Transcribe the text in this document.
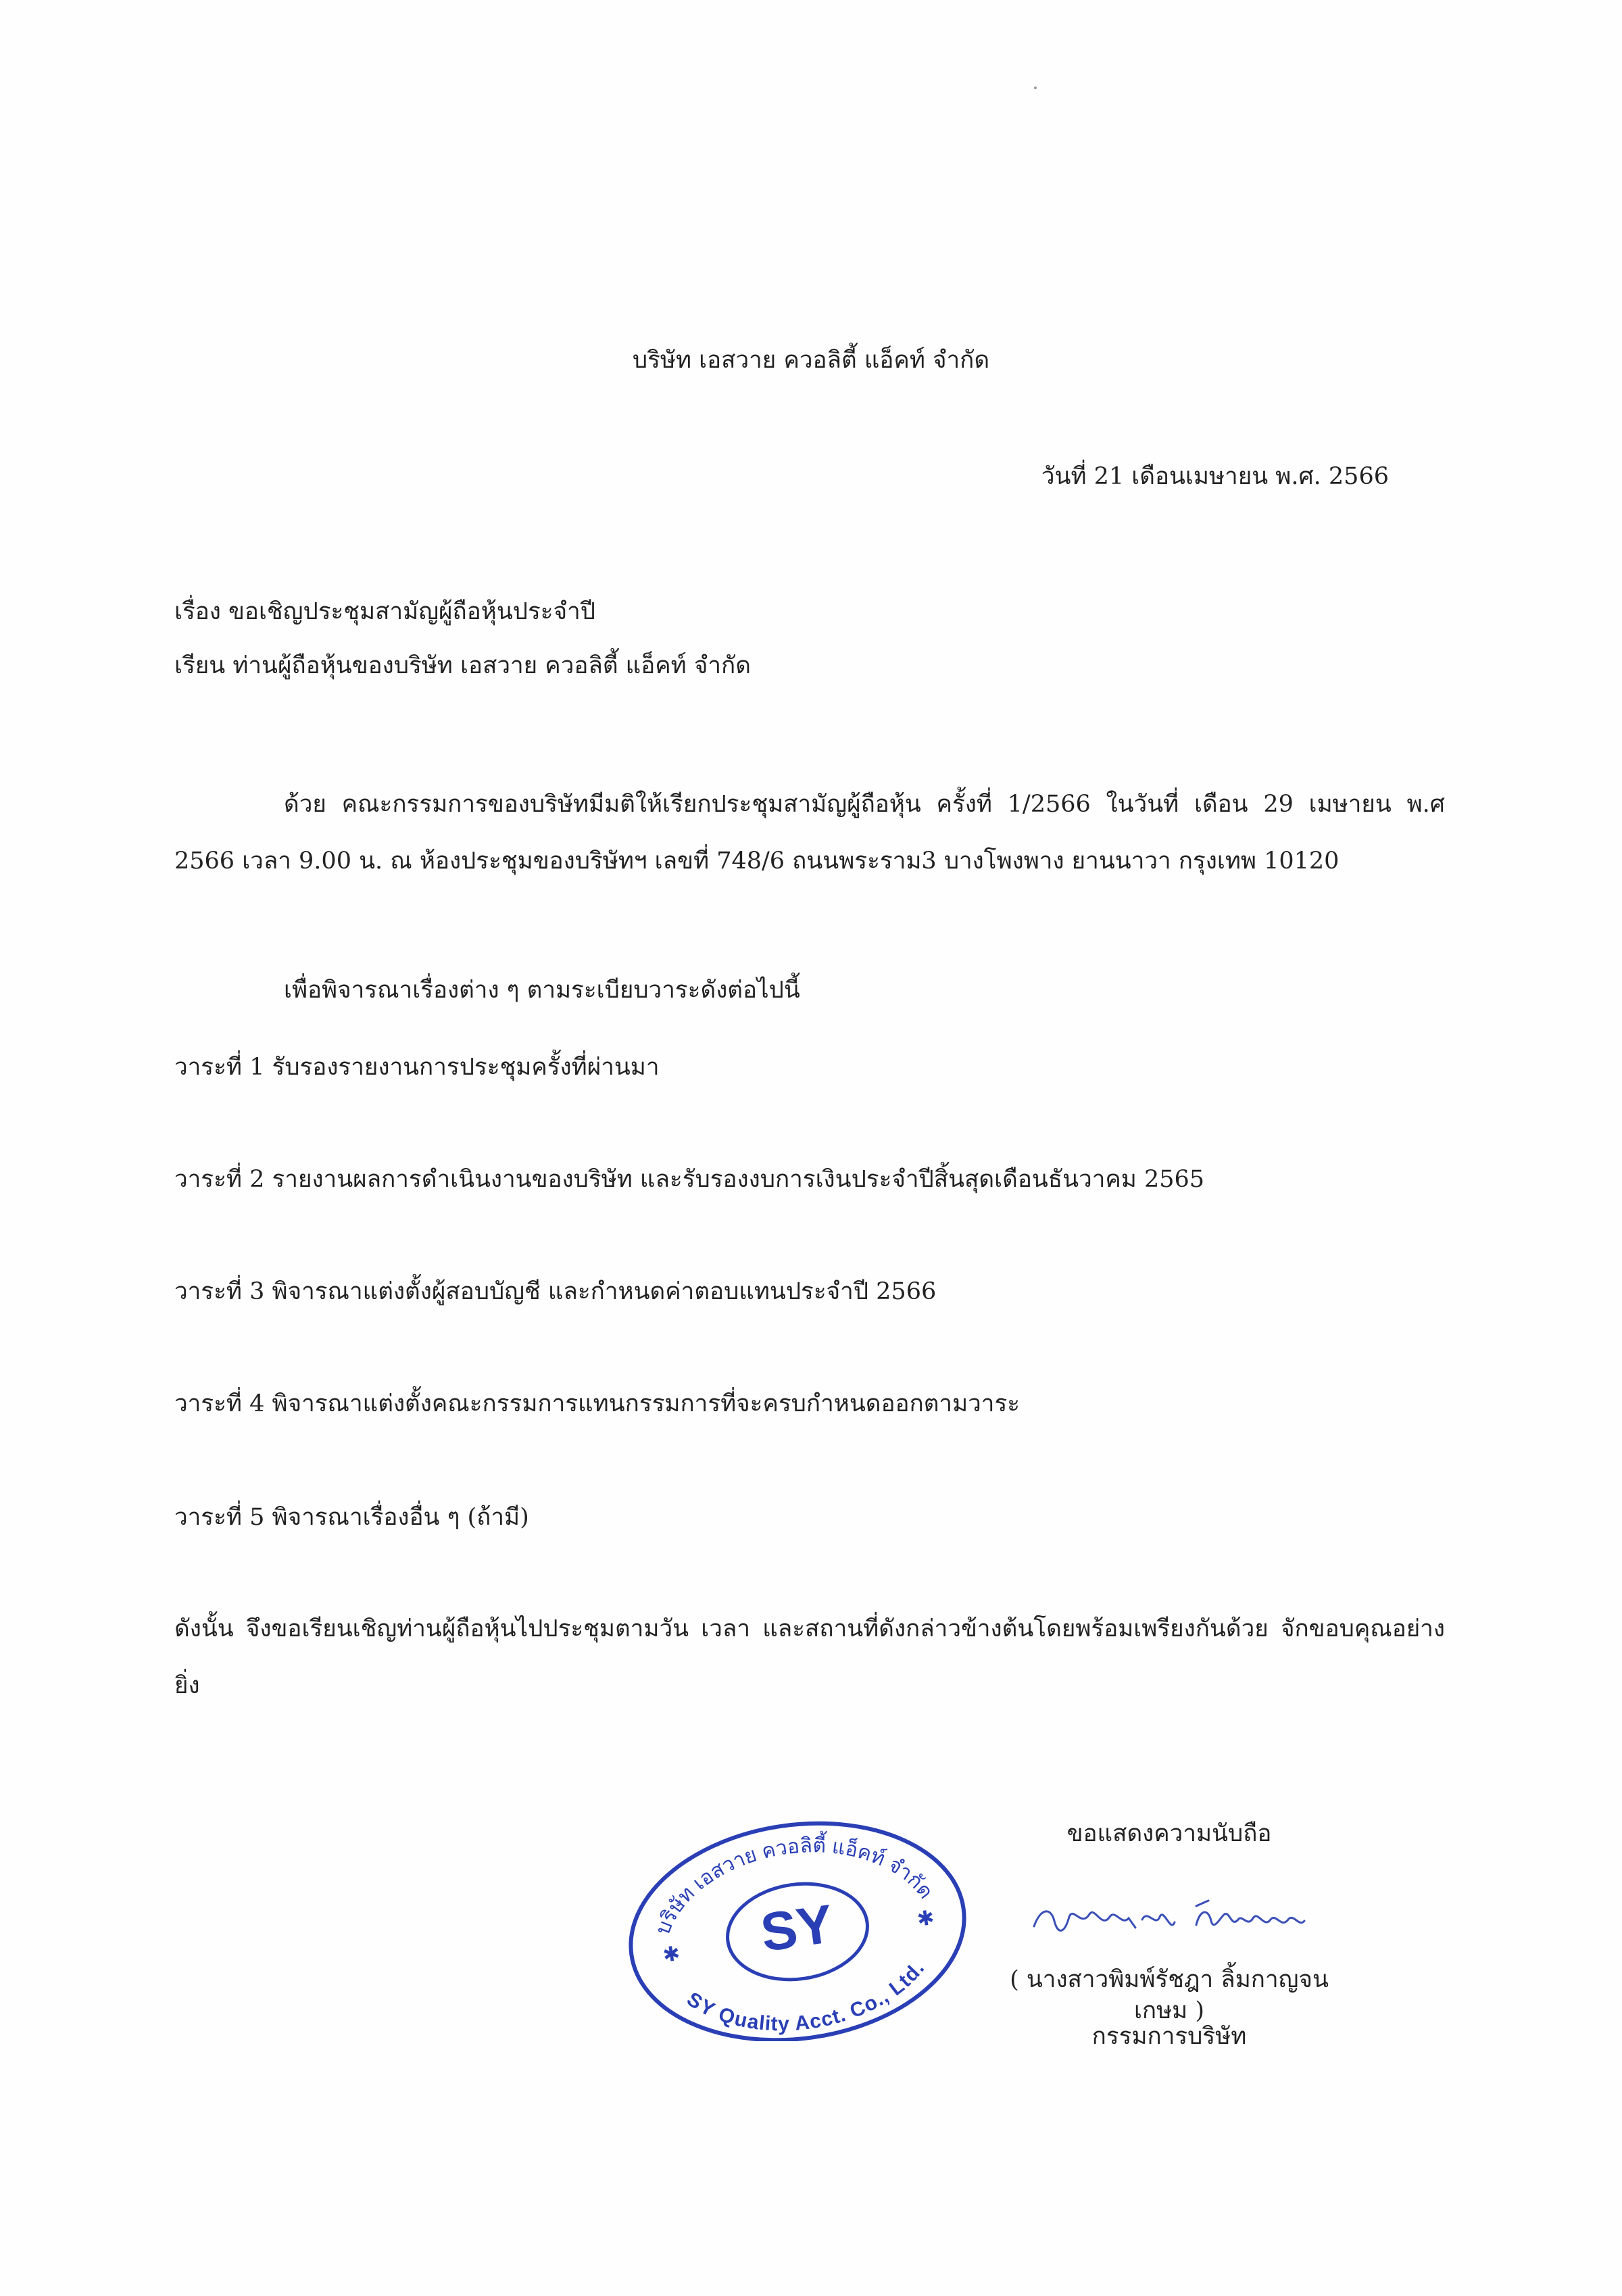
บริษัท เอสวาย ควอลิตี้ แอ็คท์ จำกัด
วันที่ 21 เดือนเมษายน พ.ศ. 2566
เรื่อง ขอเชิญประชุมสามัญผู้ถือหุ้นประจำปี
เรียน ท่านผู้ถือหุ้นของบริษัท เอสวาย ควอลิตี้ แอ็คท์ จำกัด
ด้วย คณะกรรมการของบริษัทมีมติให้เรียกประชุมสามัญผู้ถือหุ้น ครั้งที่ 1/2566 ในวันที่ เดือน 29 เมษายน พ.ศ 2566 เวลา 9.00 น. ณ ห้องประชุมของบริษัทฯ เลขที่ 748/6 ถนนพระราม3 บางโพงพาง ยานนาวา กรุงเทพ 10120
เพื่อพิจารณาเรื่องต่าง ๆ ตามระเบียบวาระดังต่อไปนี้
วาระที่ 1 รับรองรายงานการประชุมครั้งที่ผ่านมา
วาระที่ 2 รายงานผลการดำเนินงานของบริษัท และรับรองงบการเงินประจำปีสิ้นสุดเดือนธันวาคม 2565
วาระที่ 3 พิจารณาแต่งตั้งผู้สอบบัญชี และกำหนดค่าตอบแทนประจำปี 2566
วาระที่ 4 พิจารณาแต่งตั้งคณะกรรมการแทนกรรมการที่จะครบกำหนดออกตามวาระ
วาระที่ 5 พิจารณาเรื่องอื่น ๆ (ถ้ามี)
ดังนั้น จึงขอเรียนเชิญท่านผู้ถือหุ้นไปประชุมตามวัน เวลา และสถานที่ดังกล่าวข้างต้นโดยพร้อมเพรียงกันด้วย จักขอบคุณอย่างยิ่ง
SY
บริษัท เอสวาย ควอลิตี้ แอ็คท์ จำกัด
SY Quality Acct. Co., Ltd.
✱
✱
ขอแสดงความนับถือ
( นางสาวพิมพ์รัชฎา ลิ้มกาญจนเกษม )
กรรมการบริษัท
